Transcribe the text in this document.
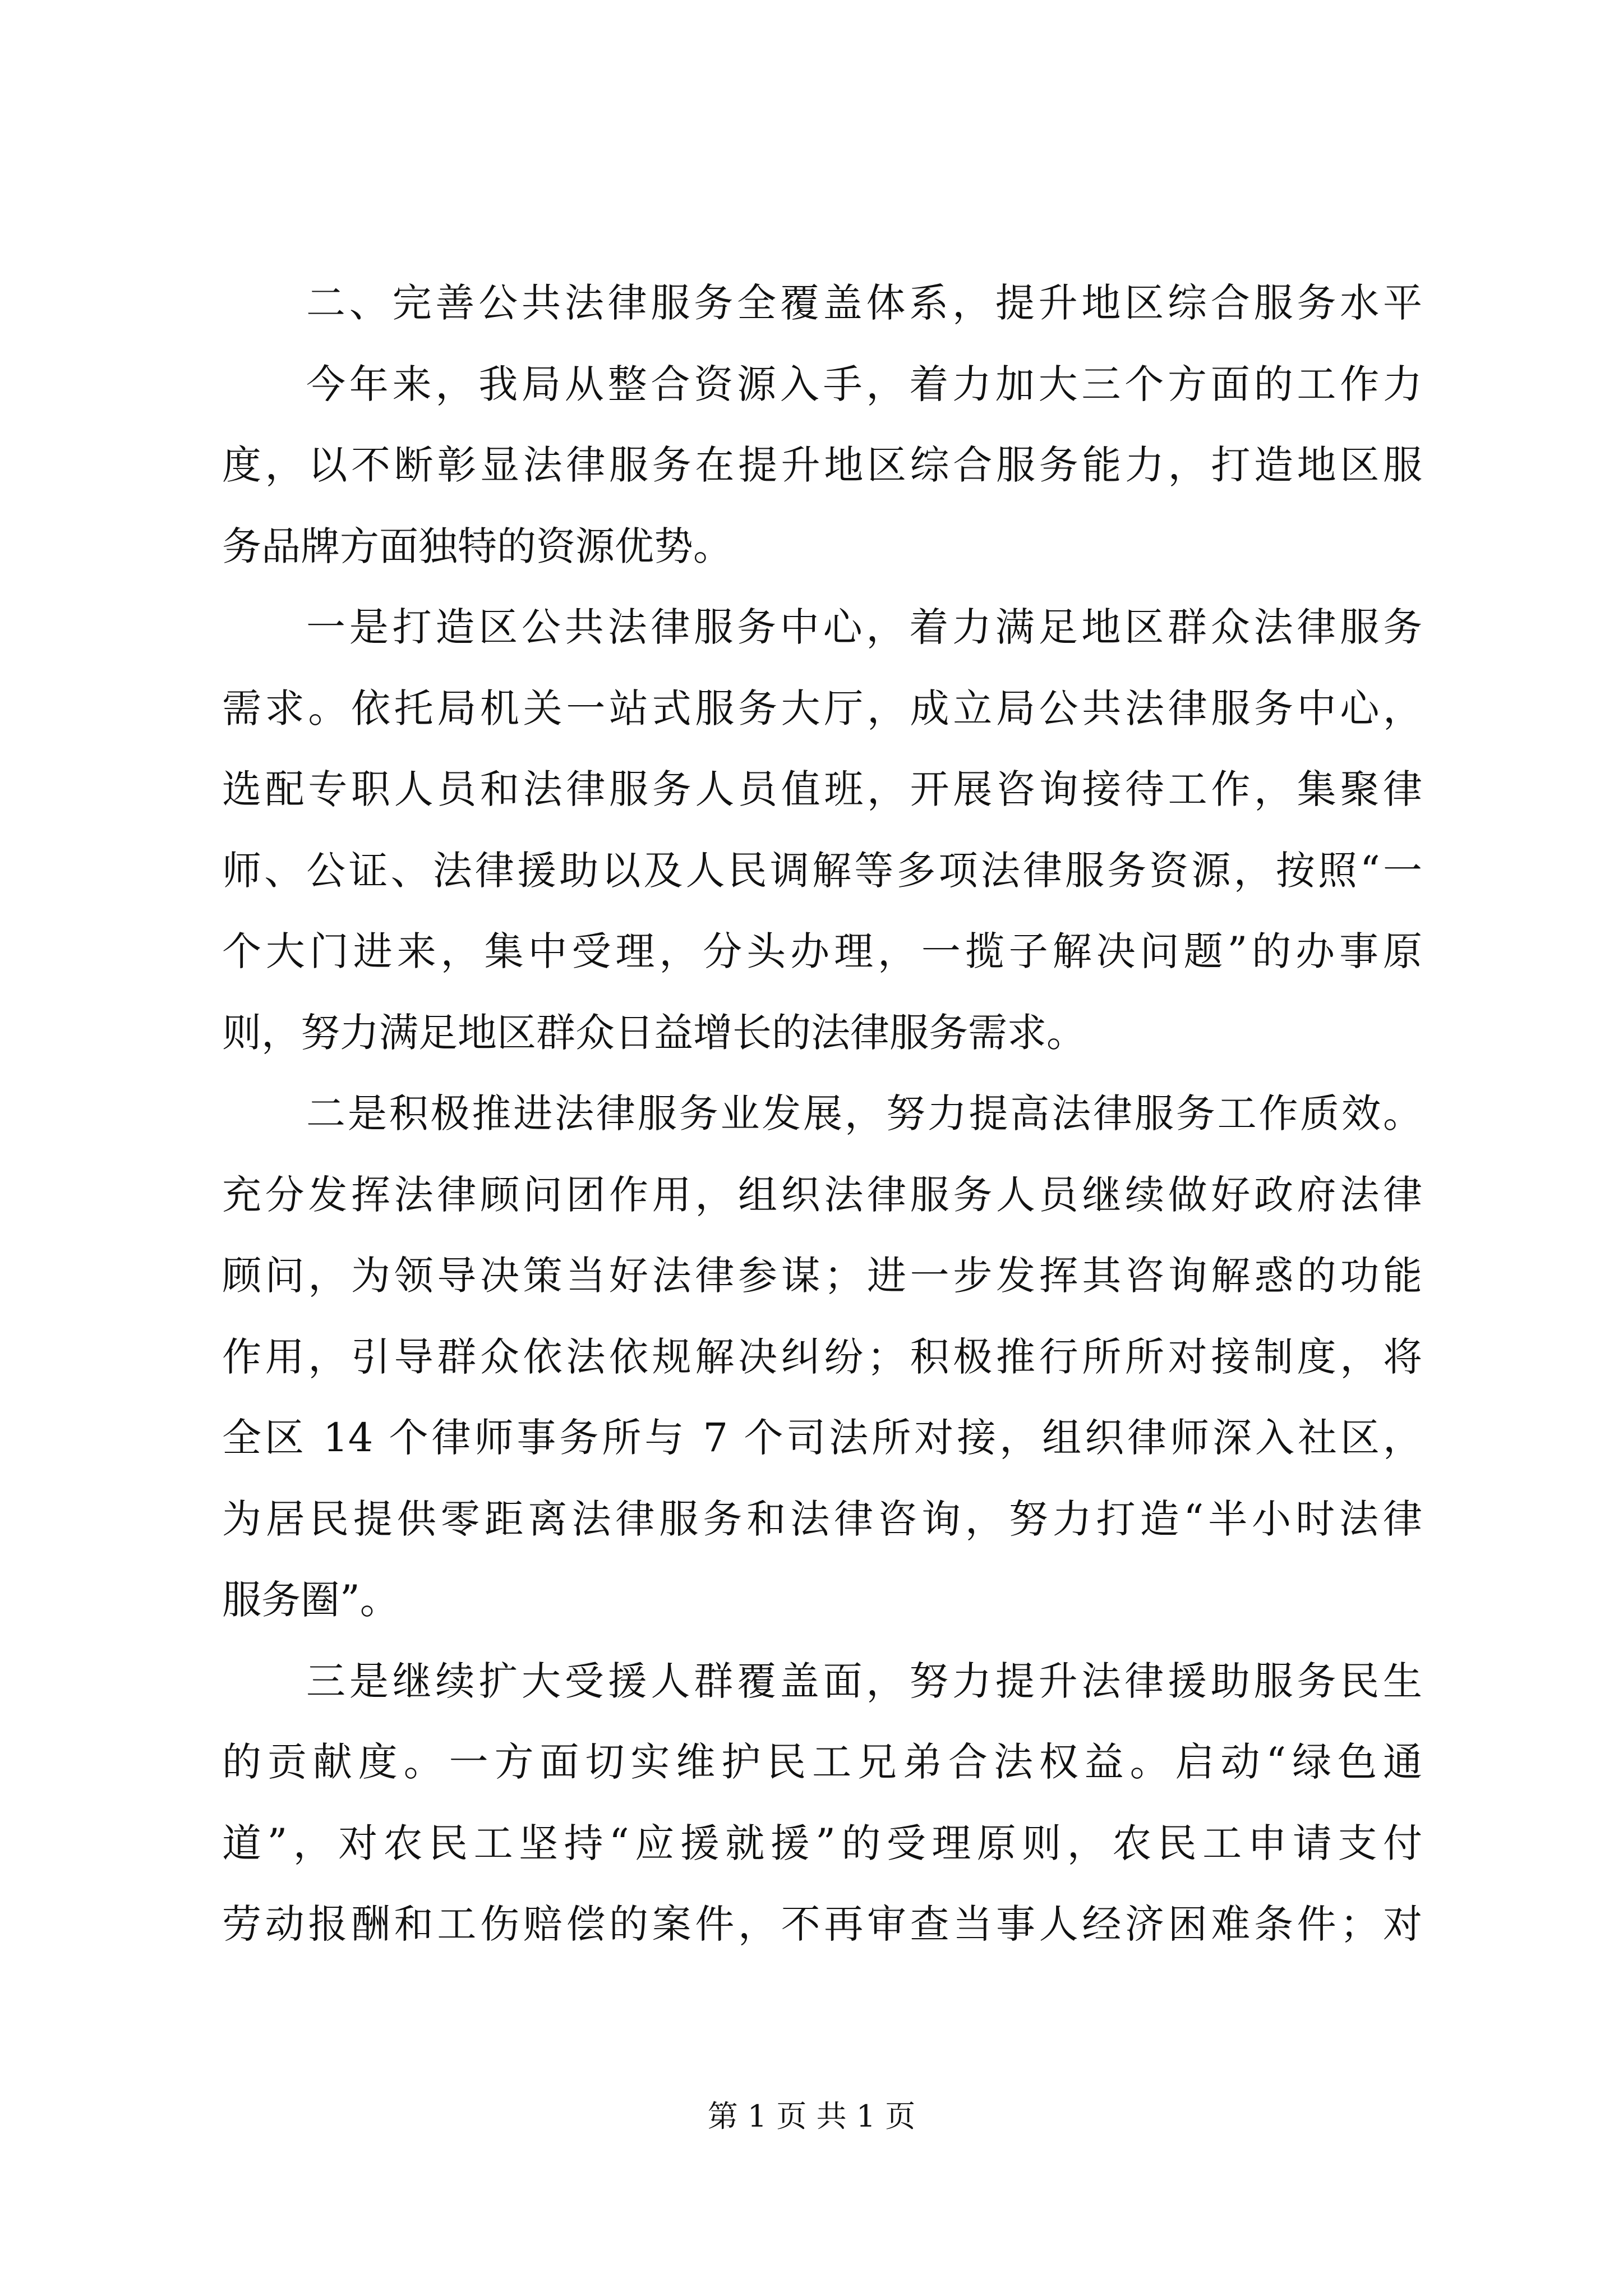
二、完善公共法律服务全覆盖体系，提升地区综合服务水平
今年来，我局从整合资源入手，着力加大三个方面的工作力
度，以不断彰显法律服务在提升地区综合服务能力，打造地区服
务品牌方面独特的资源优势。
一是打造区公共法律服务中心，着力满足地区群众法律服务
需求。依托局机关一站式服务大厅，成立局公共法律服务中心，
选配专职人员和法律服务人员值班，开展咨询接待工作，集聚律
师、公证、法律援助以及人民调解等多项法律服务资源，按照“一
个大门进来，集中受理，分头办理，一揽子解决问题”的办事原
则，努力满足地区群众日益增长的法律服务需求。
二是积极推进法律服务业发展，努力提高法律服务工作质效。
充分发挥法律顾问团作用，组织法律服务人员继续做好政府法律
顾问，为领导决策当好法律参谋；进一步发挥其咨询解惑的功能
作用，引导群众依法依规解决纠纷；积极推行所所对接制度，将
全区 14 个律师事务所与 7 个司法所对接，组织律师深入社区，
为居民提供零距离法律服务和法律咨询，努力打造“半小时法律
服务圈”。
三是继续扩大受援人群覆盖面，努力提升法律援助服务民生
的贡献度。一方面切实维护民工兄弟合法权益。启动“绿色通
道”，对农民工坚持“应援就援”的受理原则，农民工申请支付
劳动报酬和工伤赔偿的案件，不再审查当事人经济困难条件；对
第 1 页 共 1 页
